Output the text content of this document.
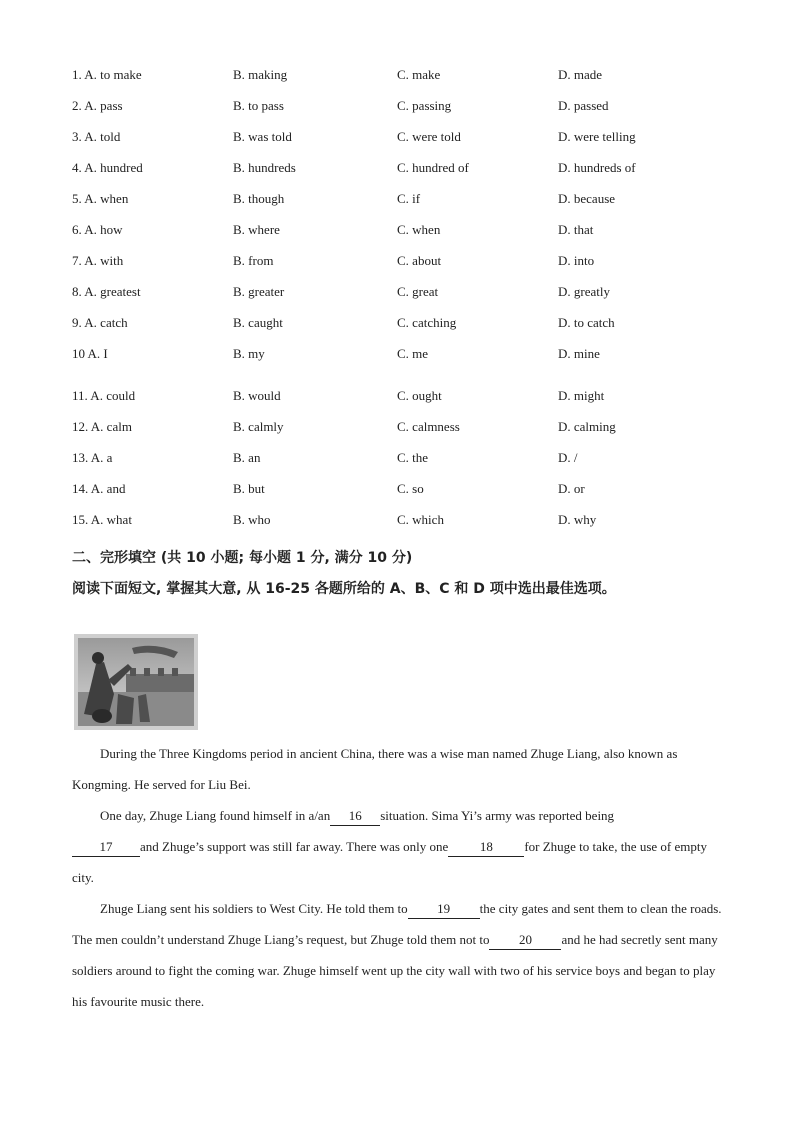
1. A. to make	B. making	C. make	D. made
2. A. pass	B. to pass	C. passing	D. passed
3. A. told	B. was told	C. were told	D. were telling
4. A. hundred	B. hundreds	C. hundred of	D. hundreds of
5. A. when	B. though	C. if	D. because
6. A. how	B. where	C. when	D. that
7. A. with	B. from	C. about	D. into
8. A. greatest	B. greater	C. great	D. greatly
9. A. catch	B. caught	C. catching	D. to catch
10 A. I	B. my	C. me	D. mine
11. A. could	B. would	C. ought	D. might
12. A. calm	B. calmly	C. calmness	D. calming
13. A. a	B. an	C. the	D. /
14. A. and	B. but	C. so	D. or
15. A. what	B. who	C. which	D. why
二、完形填空 (共 10 小题; 每小题 1 分, 满分 10 分)
阅读下面短文, 掌握其大意, 从 16-25 各题所给的 A、B、C 和 D 项中选出最佳选项。

During the Three Kingdoms period in ancient China, there was a wise man named Zhuge Liang, also known as Kongming. He served for Liu Bei.

One day, Zhuge Liang found himself in a/an 16 situation. Sima Yi’s army was reported being
17 and Zhuge’s support was still far away. There was only one 18 for Zhuge to take, the use of empty city.

Zhuge Liang sent his soldiers to West City. He told them to 19 the city gates and sent them to clean the roads. The men couldn’t understand Zhuge Liang’s request, but Zhuge told them not to 20 and he had secretly sent many soldiers around to fight the coming war. Zhuge himself went up the city wall with two of his service boys and began to play his favourite music there.
